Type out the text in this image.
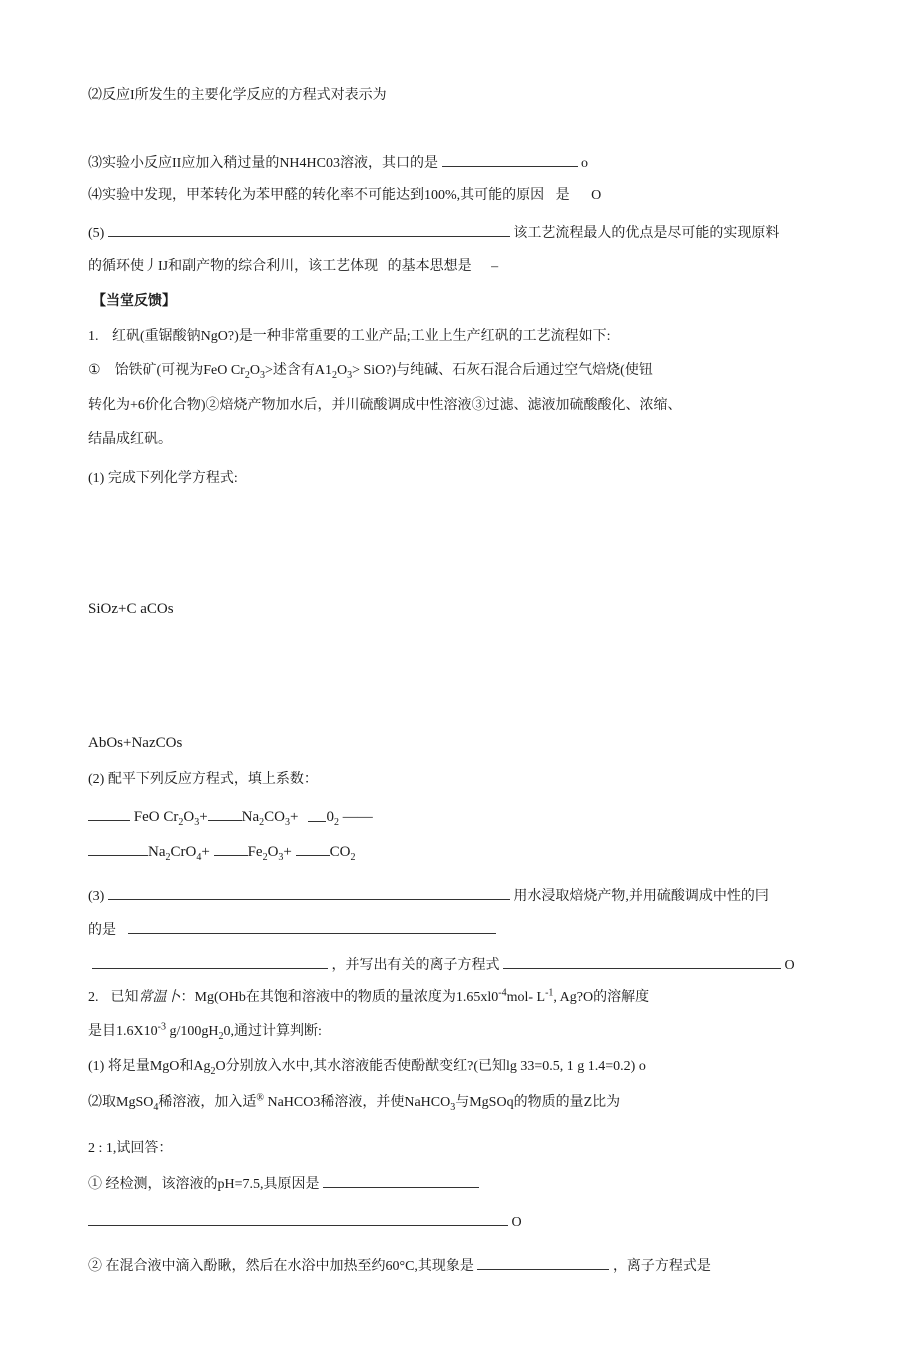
⑵反应I所发生的主要化学反应的方程式对表示为
⑶实验小反应II应加入稍过量的NH4HC03溶液，其口的是	o
⑷实验中发现，甲苯转化为苯甲醛的转化率不可能达到100%,其可能的原因 是 O
(5)	该工艺流程最人的优点是尽可能的实现原料
的循环使丿IJ和副产物的综合利川，该工艺体现 的基本思想是 –
【当堂反馈】
1. 红矾(重锯酸钠NgO?)是一种非常重要的工业产品;工业上生产红矾的工艺流程如下:
① 饴铁矿(可视为FeO $Cr_2O_3>$述含有$A1_2O_3>$ SiO?)与纯碱、石灰石混合后通过空气焙烧(使钮
转化为+6价化合物)②焙烧产物加水后，并川硫酸调成中性溶液③过滤、滤液加硫酸酸化、浓缩、
结晶成红矾。
(1) 完成下列化学方程式:
SiOz+C aCOs
AbOs+NazCOs
(2) 配平下列反应方程式，填上系数：
FeO $Cr_2O_3+ Na_2CO_3+ 0_2$ ——
$Na_2CrO_4+$	$Fe_2O_3+$	$CO_2$
(3)	用水浸取焙烧产物,并用硫酸调成中性的冃
的是
，并写出有关的离子方程式	O
2. 已知常温卜：Mg(OHb在其饱和溶液中的物质的量浓度为$1.65xl0^{-4}mol-$ $L^{-1}$, Ag?O的溶解度
是目$1.6X10^{-3}$ $g/100gH_20$,通过计算判断:
(1) 将足量MgO和$Ag_2O$分别放入水中,其水溶液能否使酚猷变红?(已知lg 33=0.5, 1 g 1.4=0.2) o
⑵取MgSO$_4$稀溶液，加入适® NaHCO3稀溶液，并使NaHCO$_3$与MgSOq的物质的量Z比为
2 : 1,试回答：
① 经检测，该溶液的pH=7.5,具原因是
O
② 在混合液中滴入酚瞅，然后在水浴中加热至约60°C,其现象是	，离子方程式是
